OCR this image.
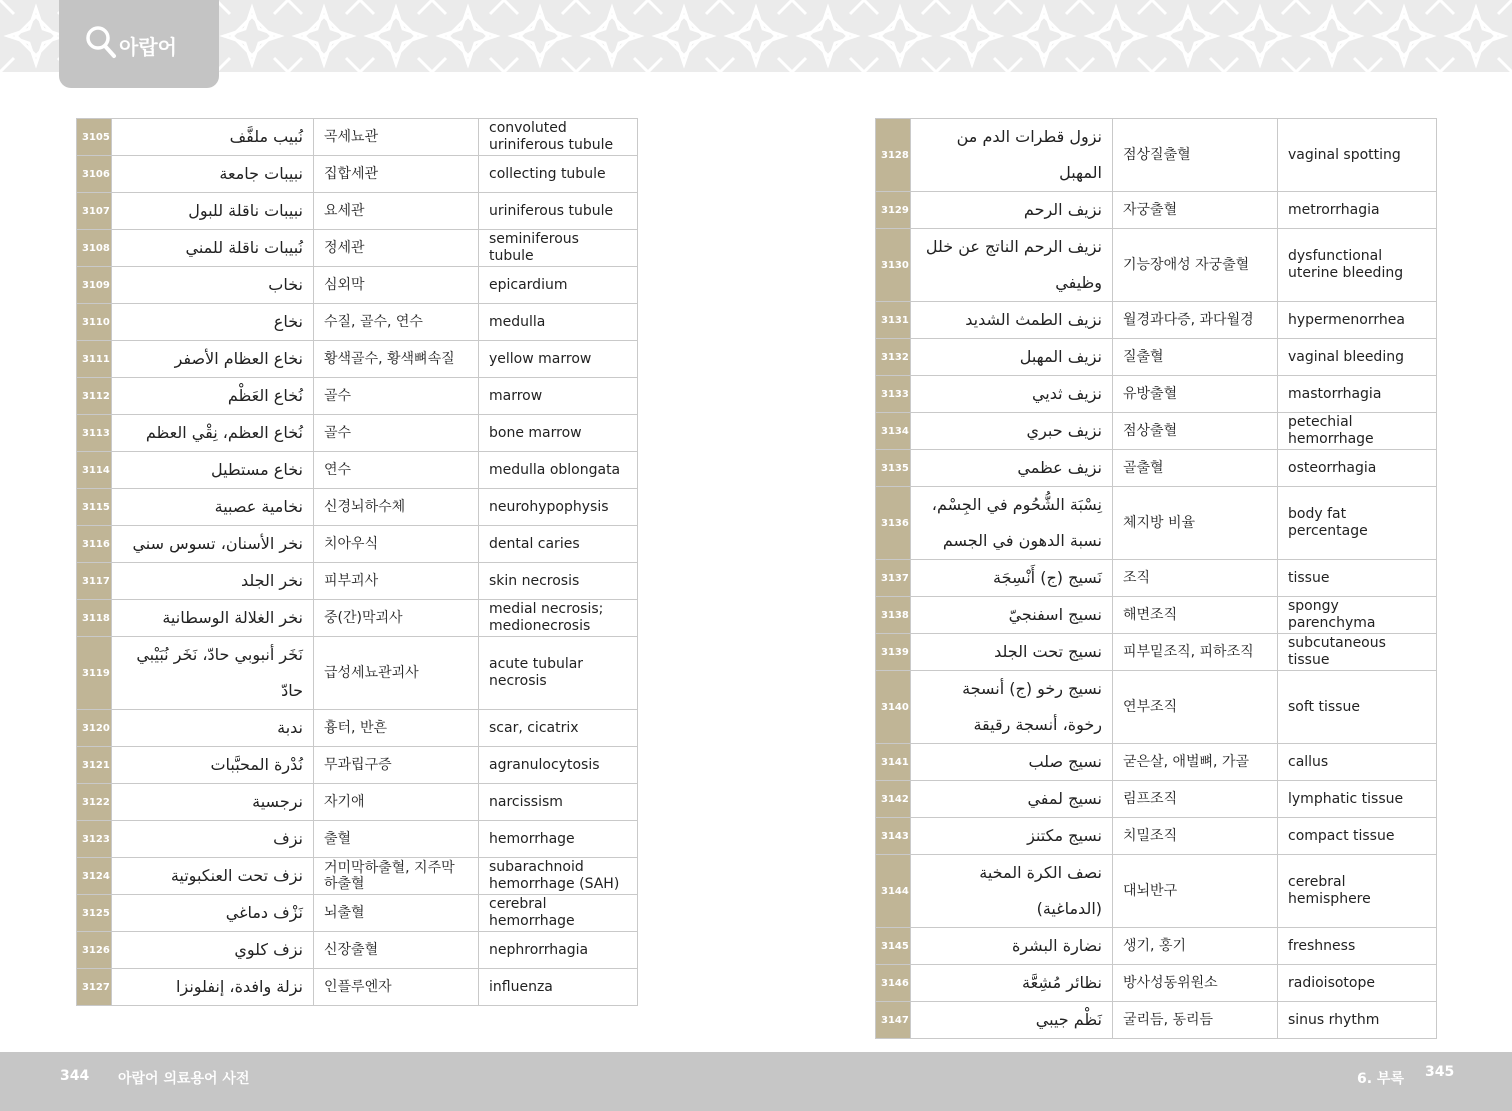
아랍어
3105	نُبيب ملفَّف	곡세뇨관	convoluted uriniferous tubule
3106	نبيبات جامعة	집합세관	collecting tubule
3107	نبيبات ناقلة للبول	요세관	uriniferous tubule
3108	نُبيبات ناقلة للمني	정세관	seminiferous tubule
3109	نخاب	심외막	epicardium
3110	نخاع	수질, 골수, 연수	medulla
3111	نخاع العظام الأصفر	황색골수, 황색뼈속질	yellow marrow
3112	نُخاع العَظْم	골수	marrow
3113	نُخاع العظم، نِقْي العظم	골수	bone marrow
3114	نخاع مستطيل	연수	medulla oblongata
3115	نخامية عصبية	신경뇌하수체	neurohypophysis
3116	نخر الأسنان، تسوس سني	치아우식	dental caries
3117	نخر الجلد	피부괴사	skin necrosis
3118	نخر الغلالة الوسطانية	중(간)막괴사	medial necrosis; medionecrosis
3119	نَخَر أنبوبي حادّ، نَخَر نُبَيْبي حادّ	급성세뇨관괴사	acute tubular necrosis
3120	ندبة	흉터, 반흔	scar, cicatrix
3121	نُدْرة المحبَّبات	무과립구증	agranulocytosis
3122	نرجسية	자기애	narcissism
3123	نزف	출혈	hemorrhage
3124	نزف تحت العنكبوتية	거미막하출혈, 지주막하출혈	subarachnoid hemorrhage (SAH)
3125	نَزْف دماغي	뇌출혈	cerebral hemorrhage
3126	نزف كلوي	신장출혈	nephrorrhagia
3127	نزلة وافدة، إنفلونزا	인플루엔자	influenza
3128	نزول قطرات الدم من المهبل	점상질출혈	vaginal spotting
3129	نزيف الرحم	자궁출혈	metrorrhagia
3130	نزيف الرحم الناتج عن خلل وظيفي	기능장애성 자궁출혈	dysfunctional uterine bleeding
3131	نزيف الطمث الشديد	월경과다증, 과다월경	hypermenorrhea
3132	نزيف المهبل	질출혈	vaginal bleeding
3133	نزيف ثديي	유방출혈	mastorrhagia
3134	نزيف حبري	점상출혈	petechial hemorrhage
3135	نزيف عظمي	골출혈	osteorrhagia
3136	نِسْبَة الشُّحُوم في الجِسْم، نسبة الدهون في الجسم	체지방 비율	body fat percentage
3137	نَسيج (ج) أَنْسِجَة	조직	tissue
3138	نسيج اسفنجيّ	해면조직	spongy parenchyma
3139	نسيج تحت الجلد	피부밑조직, 피하조직	subcutaneous tissue
3140	نسيج رخو (ج) أنسجة رخوة، أنسجة رقيقة	연부조직	soft tissue
3141	نسيج صلب	굳은살, 애벌뼈, 가골	callus
3142	نسيج لمفي	림프조직	lymphatic tissue
3143	نسيج مكتنز	치밀조직	compact tissue
3144	نصف الكرة المخية (الدماغية)	대뇌반구	cerebral hemisphere
3145	نضارة البشرة	생기, 홍기	freshness
3146	نظائر مُشِعَّة	방사성동위원소	radioisotope
3147	نَظْم جيبي	굴리듬, 동리듬	sinus rhythm
344 아랍어 의료용어 사전	6. 부록 345
